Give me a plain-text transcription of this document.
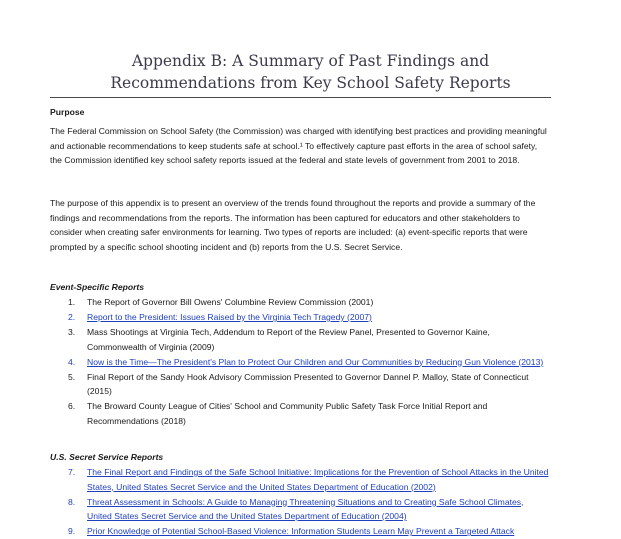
Appendix B: A Summary of Past Findings and
Recommendations from Key School Safety Reports
Purpose

The Federal Commission on School Safety (the Commission) was charged with identifying best practices and providing meaningful and actionable recommendations to keep students safe at school.¹ To effectively capture past efforts in the area of school safety, the Commission identified key school safety reports issued at the federal and state levels of government from 2001 to 2018.

The purpose of this appendix is to present an overview of the trends found throughout the reports and provide a summary of the findings and recommendations from the reports. The information has been captured for educators and other stakeholders to consider when creating safer environments for learning. Two types of reports are included: (a) event-specific reports that were prompted by a specific school shooting incident and (b) reports from the U.S. Secret Service.

Event-Specific Reports
1. The Report of Governor Bill Owens' Columbine Review Commission (2001)
2. Report to the President: Issues Raised by the Virginia Tech Tragedy (2007)
3. Mass Shootings at Virginia Tech, Addendum to Report of the Review Panel, Presented to Governor Kaine, Commonwealth of Virginia (2009)
4. Now is the Time—The President's Plan to Protect Our Children and Our Communities by Reducing Gun Violence (2013)
5. Final Report of the Sandy Hook Advisory Commission Presented to Governor Dannel P. Malloy, State of Connecticut (2015)
6. The Broward County League of Cities' School and Community Public Safety Task Force Initial Report and Recommendations (2018)
U.S. Secret Service Reports
7. The Final Report and Findings of the Safe School Initiative: Implications for the Prevention of School Attacks in the United States, United States Secret Service and the United States Department of Education (2002)
8. Threat Assessment in Schools: A Guide to Managing Threatening Situations and to Creating Safe School Climates, United States Secret Service and the United States Department of Education (2004)
9. Prior Knowledge of Potential School-Based Violence: Information Students Learn May Prevent a Targeted Attack
